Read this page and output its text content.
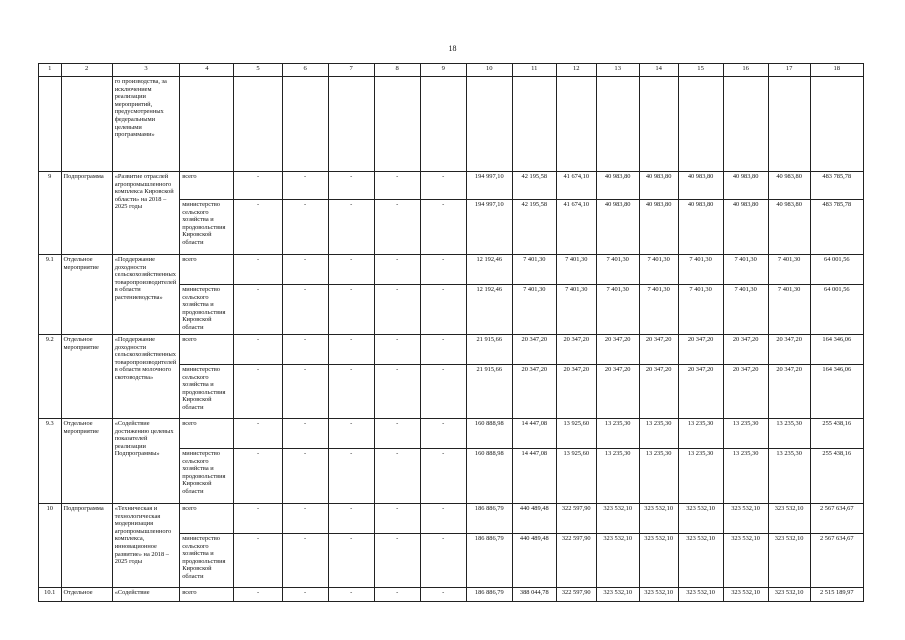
18
1	2	3	4	5	6	7	8	9	10	11	12	13	14	15	16	17	18
		го производства, за исключением реализации мероприятий, предусмотренных федеральными целевыми программами»															
9	Подпрограмма	«Развитие отраслей агропромышленного комплекса Кировской области» на 2018 – 2025 годы	всего	-	-	-	-	-	194 997,10	42 195,58	41 674,10	40 983,80	40 983,80	40 983,80	40 983,80	40 983,80	483 785,78
			министерство сельского хозяйства и продовольствия Кировской области	-	-	-	-	-	194 997,10	42 195,58	41 674,10	40 983,80	40 983,80	40 983,80	40 983,80	40 983,80	483 785,78
9.1	Отдельное мероприятие	«Поддержание доходности сельскохозяйственных товаропроизводителей в области растениеводства»	всего	-	-	-	-	-	12 192,46	7 401,30	7 401,30	7 401,30	7 401,30	7 401,30	7 401,30	7 401,30	64 001,56
			министерство сельского хозяйства и продовольствия Кировской области	-	-	-	-	-	12 192,46	7 401,30	7 401,30	7 401,30	7 401,30	7 401,30	7 401,30	7 401,30	64 001,56
9.2	Отдельное мероприятие	«Поддержание доходности сельскохозяйственных товаропроизводителей в области молочного скотоводства»	всего	-	-	-	-	-	21 915,66	20 347,20	20 347,20	20 347,20	20 347,20	20 347,20	20 347,20	20 347,20	164 346,06
			министерство сельского хозяйства и продовольствия Кировской области	-	-	-	-	-	21 915,66	20 347,20	20 347,20	20 347,20	20 347,20	20 347,20	20 347,20	20 347,20	164 346,06
9.3	Отдельное мероприятие	«Содействие достижению целевых показателей реализации Подпрограммы»	всего	-	-	-	-	-	160 888,98	14 447,08	13 925,60	13 235,30	13 235,30	13 235,30	13 235,30	13 235,30	255 438,16
			министерство сельского хозяйства и продовольствия Кировской области	-	-	-	-	-	160 888,98	14 447,08	13 925,60	13 235,30	13 235,30	13 235,30	13 235,30	13 235,30	255 438,16
10	Подпрограмма	«Техническая и технологическая модернизация агропромышленного комплекса, инновационное развитие» на 2018 – 2025 годы	всего	-	-	-	-	-	186 886,79	440 489,48	322 597,90	323 532,10	323 532,10	323 532,10	323 532,10	323 532,10	2 567 634,67
			министерство сельского хозяйства и продовольствия Кировской области	-	-	-	-	-	186 886,79	440 489,48	322 597,90	323 532,10	323 532,10	323 532,10	323 532,10	323 532,10	2 567 634,67
10.1	Отдельное	«Содействие	всего	-	-	-	-	-	186 886,79	388 044,78	322 597,90	323 532,10	323 532,10	323 532,10	323 532,10	323 532,10	2 515 189,97
